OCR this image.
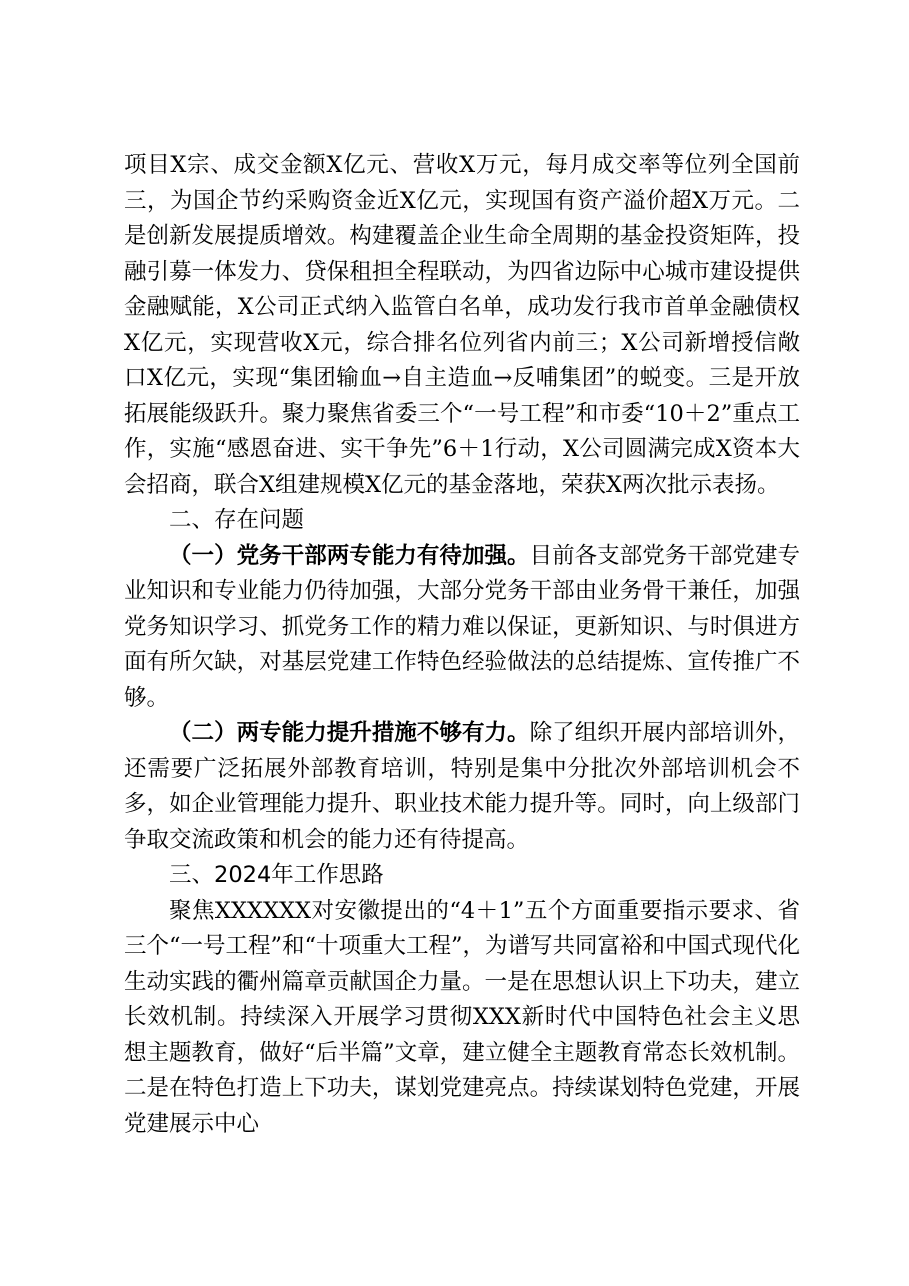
项目X宗、成交金额X亿元、营收X万元，每月成交率等位列全国前三，为国企节约采购资金近X亿元，实现国有资产溢价超X万元。二是创新发展提质增效。构建覆盖企业生命全周期的基金投资矩阵，投融引募一体发力、贷保租担全程联动，为四省边际中心城市建设提供金融赋能，X公司正式纳入监管白名单，成功发行我市首单金融债权X亿元，实现营收X元，综合排名位列省内前三；X公司新增授信敞口X亿元，实现“集团输血→自主造血→反哺集团”的蜕变。三是开放拓展能级跃升。聚力聚焦省委三个“一号工程”和市委“10＋2”重点工作，实施“感恩奋进、实干争先”6＋1行动，X公司圆满完成X资本大会招商，联合X组建规模X亿元的基金落地，荣获X两次批示表扬。

二、存在问题

（一）党务干部两专能力有待加强。目前各支部党务干部党建专业知识和专业能力仍待加强，大部分党务干部由业务骨干兼任，加强党务知识学习、抓党务工作的精力难以保证，更新知识、与时俱进方面有所欠缺，对基层党建工作特色经验做法的总结提炼、宣传推广不够。

（二）两专能力提升措施不够有力。除了组织开展内部培训外，还需要广泛拓展外部教育培训，特别是集中分批次外部培训机会不多，如企业管理能力提升、职业技术能力提升等。同时，向上级部门争取交流政策和机会的能力还有待提高。

三、2024年工作思路

聚焦XXXXXX对安徽提出的“4＋1”五个方面重要指示要求、省三个“一号工程”和“十项重大工程”，为谱写共同富裕和中国式现代化生动实践的衢州篇章贡献国企力量。一是在思想认识上下功夫，建立长效机制。持续深入开展学习贯彻XXX新时代中国特色社会主义思想主题教育，做好“后半篇”文章，建立健全主题教育常态长效机制。二是在特色打造上下功夫，谋划党建亮点。持续谋划特色党建，开展党建展示中心
